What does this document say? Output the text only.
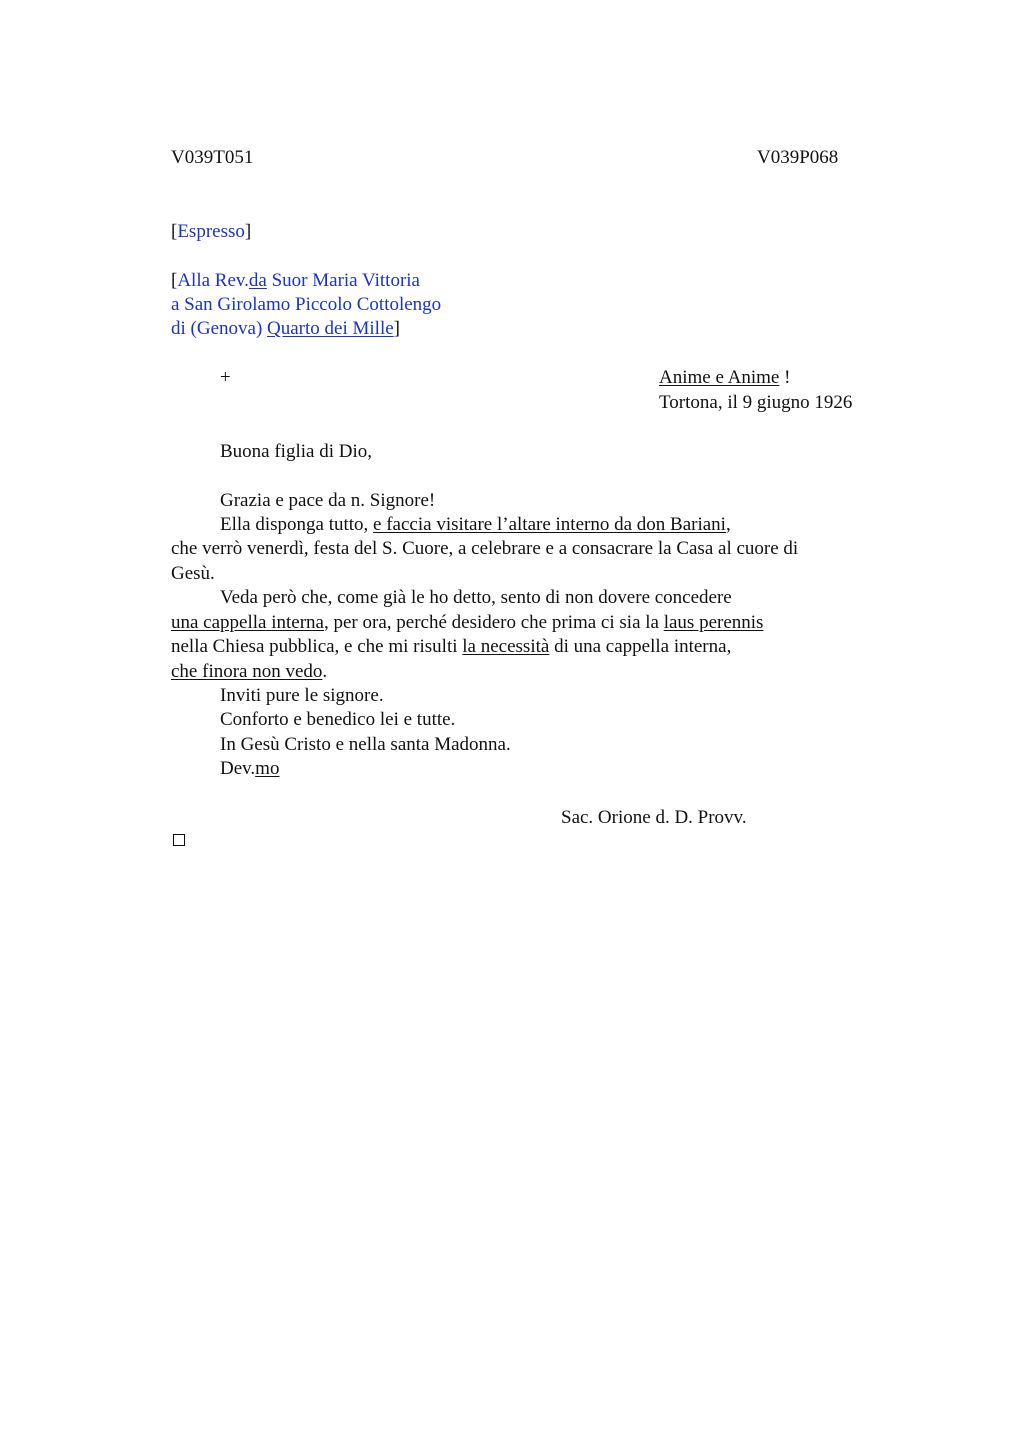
V039T051	V039P068
[Espresso]
[Alla Rev.da Suor Maria Vittoria
a San Girolamo Piccolo Cottolengo
di (Genova) Quarto dei Mille]
+	Anime e Anime !
Tortona, il 9 giugno 1926
Buona figlia di Dio,
Grazia e pace da n. Signore!
Ella disponga tutto, e faccia visitare l’altare interno da don Bariani,
che verrò venerdì, festa del S. Cuore, a celebrare e a consacrare la Casa al cuore di
Gesù.
Veda però che, come già le ho detto, sento di non dovere concedere
una cappella interna, per ora, perché desidero che prima ci sia la laus perennis
nella Chiesa pubblica, e che mi risulti la necessità di una cappella interna,
che finora non vedo.
Inviti pure le signore.
Conforto e benedico lei e tutte.
In Gesù Cristo e nella santa Madonna.
Dev.mo
Sac. Orione d. D. Provv.
